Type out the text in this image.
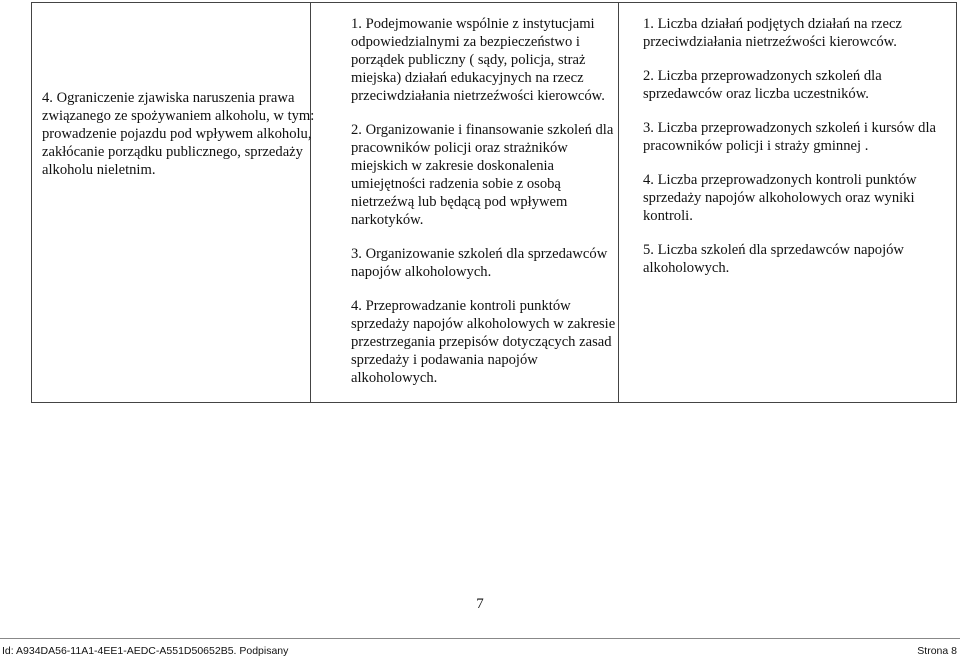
4. Ograniczenie zjawiska naruszenia prawa związanego ze spożywaniem alkoholu, w tym: prowadzenie pojazdu pod wpływem alkoholu, zakłócanie porządku publicznego, sprzedaży alkoholu nieletnim.

1. Podejmowanie wspólnie z instytucjami odpowiedzialnymi za bezpieczeństwo i porządek publiczny ( sądy, policja, straż miejska) działań edukacyjnych na rzecz przeciwdziałania nietrzeźwości kierowców.

2. Organizowanie i finansowanie szkoleń dla pracowników policji oraz strażników miejskich w zakresie doskonalenia umiejętności radzenia sobie z osobą nietrzeźwą lub będącą pod wpływem narkotyków.

3. Organizowanie szkoleń dla sprzedawców napojów alkoholowych.

4. Przeprowadzanie kontroli punktów sprzedaży napojów alkoholowych w zakresie przestrzegania przepisów dotyczących zasad sprzedaży i podawania napojów alkoholowych.

1. Liczba działań podjętych działań na rzecz przeciwdziałania nietrzeźwości kierowców.

2. Liczba przeprowadzonych szkoleń dla sprzedawców oraz liczba uczestników.

3. Liczba przeprowadzonych szkoleń i kursów dla pracowników policji i straży gminnej .

4. Liczba przeprowadzonych kontroli punktów sprzedaży napojów alkoholowych oraz wyniki kontroli.

5. Liczba szkoleń dla sprzedawców napojów alkoholowych.

7
Id: A934DA56-11A1-4EE1-AEDC-A551D50652B5. Podpisany	Strona 8
